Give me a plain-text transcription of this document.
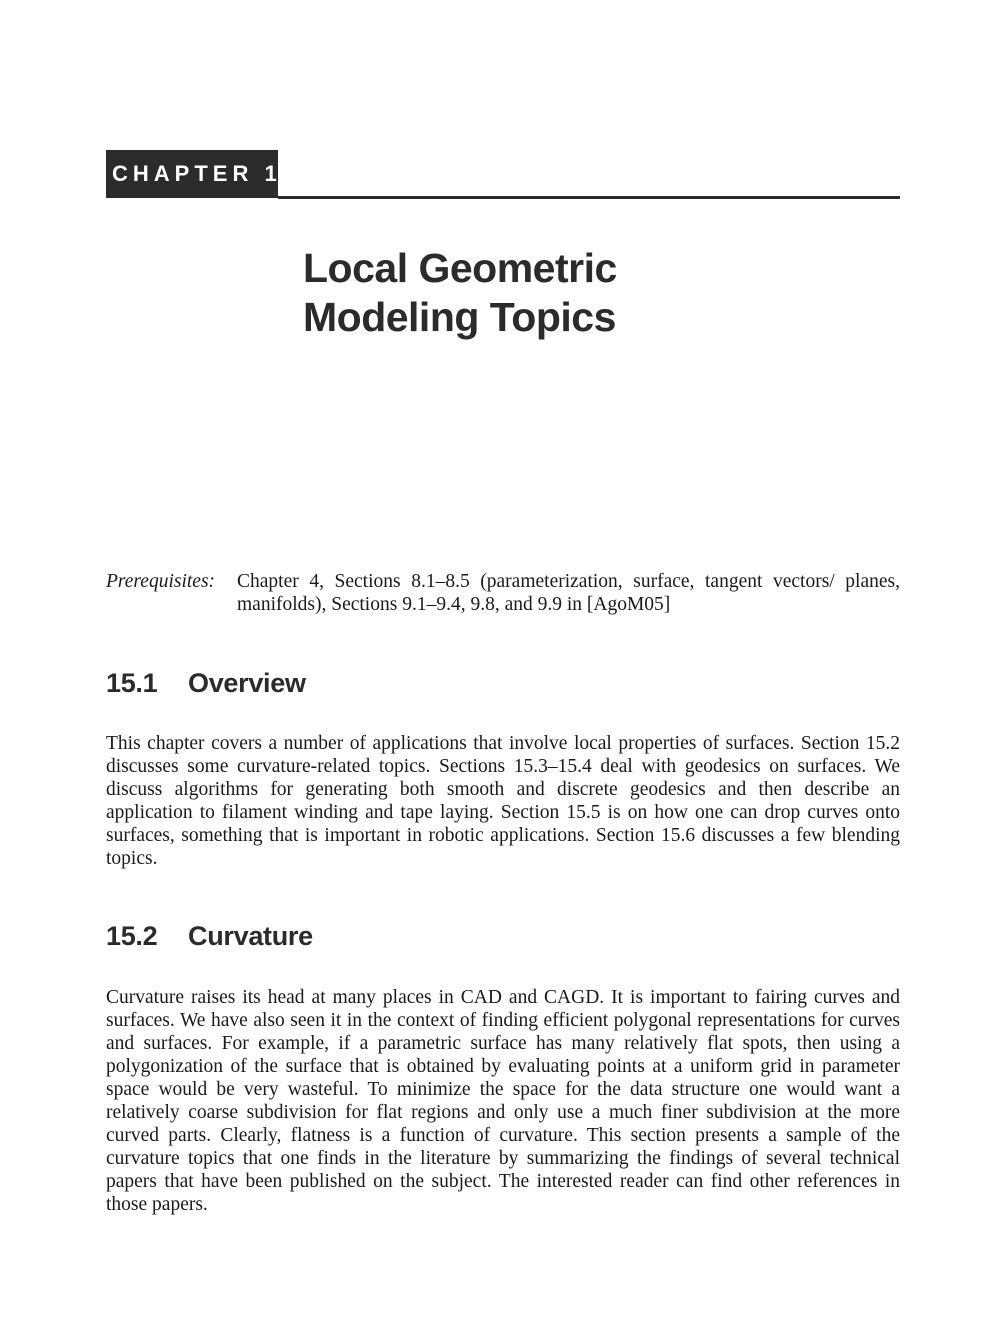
CHAPTER 15
Local Geometric
Modeling Topics
Prerequisites: Chapter 4, Sections 8.1–8.5 (parameterization, surface, tangent vectors/ planes, manifolds), Sections 9.1–9.4, 9.8, and 9.9 in [AgoM05]
15.1 Overview

This chapter covers a number of applications that involve local properties of surfaces. Section 15.2 discusses some curvature-related topics. Sections 15.3–15.4 deal with geodesics on surfaces. We discuss algorithms for generating both smooth and discrete geodesics and then describe an application to filament winding and tape laying. Section 15.5 is on how one can drop curves onto surfaces, something that is important in robotic applications. Section 15.6 discusses a few blending topics.

15.2 Curvature

Curvature raises its head at many places in CAD and CAGD. It is important to fairing curves and surfaces. We have also seen it in the context of finding efficient polygonal representations for curves and surfaces. For example, if a parametric surface has many relatively flat spots, then using a polygonization of the surface that is obtained by evaluating points at a uniform grid in parameter space would be very wasteful. To minimize the space for the data structure one would want a relatively coarse subdivision for flat regions and only use a much finer subdivision at the more curved parts. Clearly, flatness is a function of curvature. This section presents a sample of the curvature topics that one finds in the literature by summarizing the findings of several technical papers that have been published on the subject. The interested reader can find other references in those papers.
